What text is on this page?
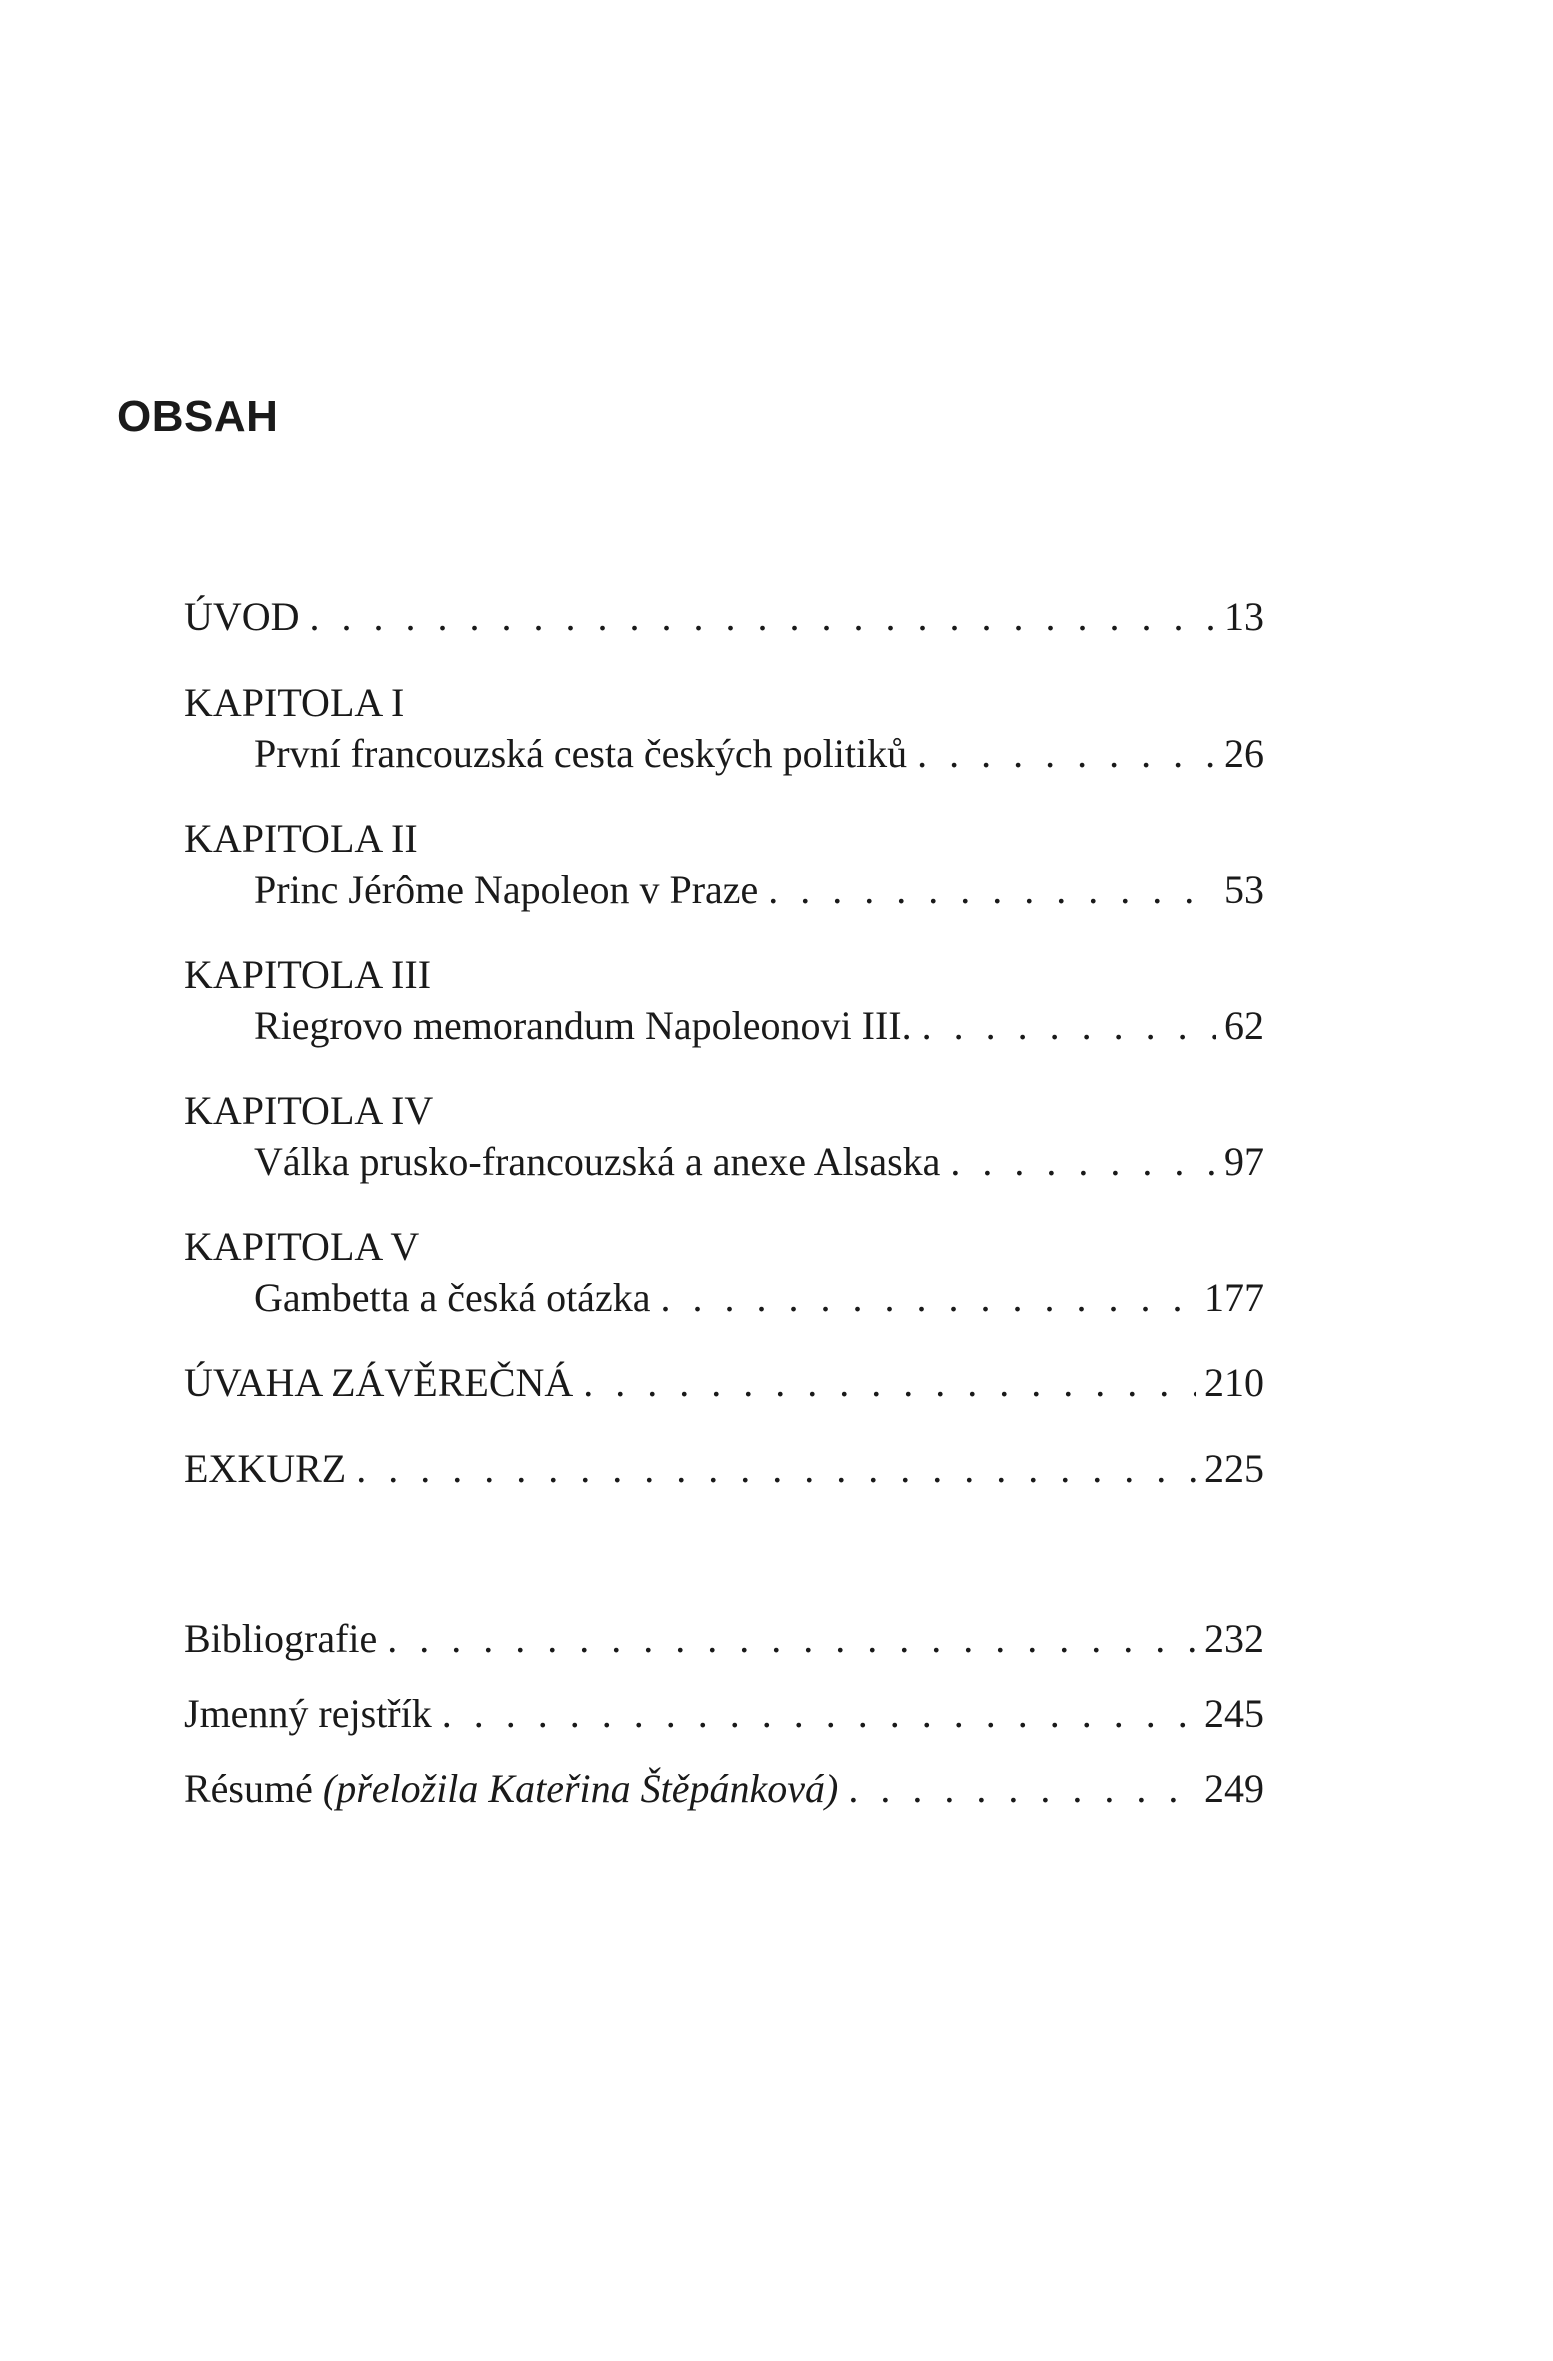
OBSAH
ÚVOD . . .	13
KAPITOLA I
První francouzská cesta českých politiků . . .	26
KAPITOLA II
Princ Jérôme Napoleon v Praze . . .	53
KAPITOLA III
Riegrovo memorandum Napoleonovi III. . . .	62
KAPITOLA IV
Válka prusko-francouzská a anexe Alsaska . . .	97
KAPITOLA V
Gambetta a česká otázka . . .	177
ÚVAHA ZÁVĚREČNÁ . . .	210
EXKURZ . . .	225
Bibliografie . . .	232
Jmenný rejstřík . . .	245
Résumé (přeložila Kateřina Štěpánková) . . .	249
